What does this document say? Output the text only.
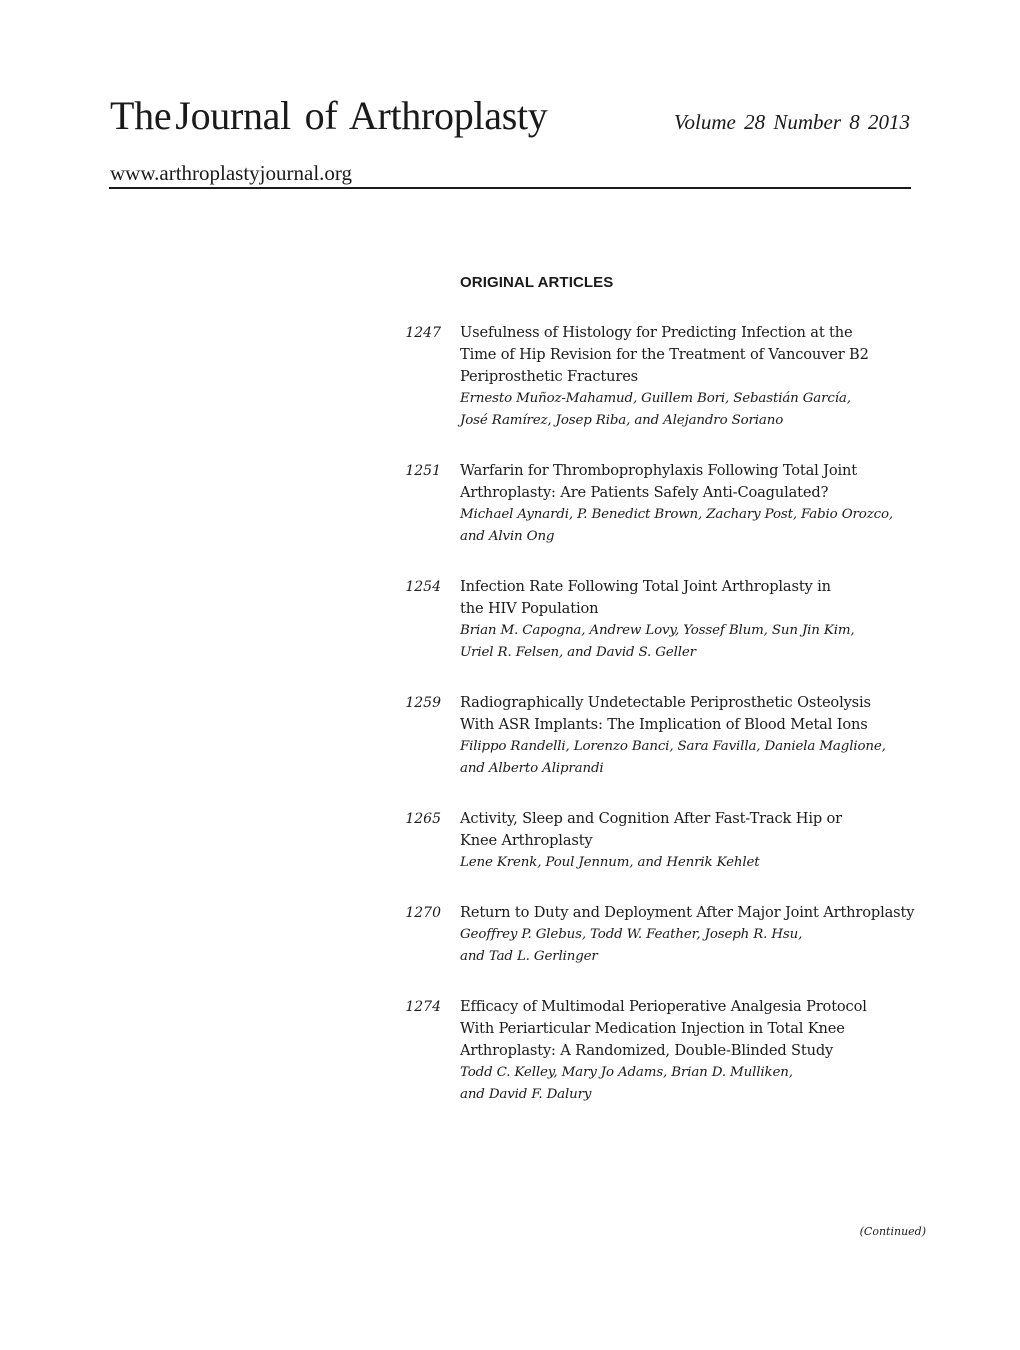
The Journal of Arthroplasty	Volume 28 Number 8 2013
www.arthroplastyjournal.org
ORIGINAL ARTICLES
1247 Usefulness of Histology for Predicting Infection at the
Time of Hip Revision for the Treatment of Vancouver B2
Periprosthetic Fractures
Ernesto Muñoz-Mahamud, Guillem Bori, Sebastián García,
José Ramírez, Josep Riba, and Alejandro Soriano
1251 Warfarin for Thromboprophylaxis Following Total Joint
Arthroplasty: Are Patients Safely Anti-Coagulated?
Michael Aynardi, P. Benedict Brown, Zachary Post, Fabio Orozco,
and Alvin Ong
1254 Infection Rate Following Total Joint Arthroplasty in
the HIV Population
Brian M. Capogna, Andrew Lovy, Yossef Blum, Sun Jin Kim,
Uriel R. Felsen, and David S. Geller
1259 Radiographically Undetectable Periprosthetic Osteolysis
With ASR Implants: The Implication of Blood Metal Ions
Filippo Randelli, Lorenzo Banci, Sara Favilla, Daniela Maglione,
and Alberto Aliprandi
1265 Activity, Sleep and Cognition After Fast-Track Hip or
Knee Arthroplasty
Lene Krenk, Poul Jennum, and Henrik Kehlet
1270 Return to Duty and Deployment After Major Joint Arthroplasty
Geoffrey P. Glebus, Todd W. Feather, Joseph R. Hsu,
and Tad L. Gerlinger
1274 Efficacy of Multimodal Perioperative Analgesia Protocol
With Periarticular Medication Injection in Total Knee
Arthroplasty: A Randomized, Double-Blinded Study
Todd C. Kelley, Mary Jo Adams, Brian D. Mulliken,
and David F. Dalury
(Continued)
